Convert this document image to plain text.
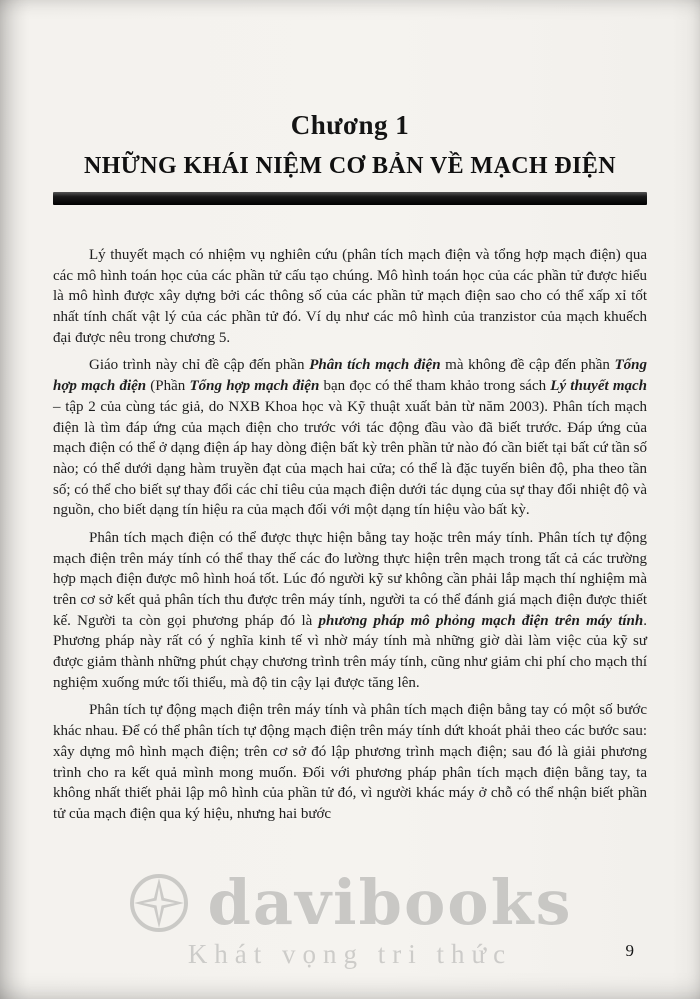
Chương 1
NHỮNG KHÁI NIỆM CƠ BẢN VỀ MẠCH ĐIỆN

Lý thuyết mạch có nhiệm vụ nghiên cứu (phân tích mạch điện và tổng hợp mạch điện) qua các mô hình toán học của các phần tử cấu tạo chúng. Mô hình toán học của các phần tử được hiểu là mô hình được xây dựng bởi các thông số của các phần tử mạch điện sao cho có thể xấp xỉ tốt nhất tính chất vật lý của các phần tử đó. Ví dụ như các mô hình của tranzistor của mạch khuếch đại được nêu trong chương 5.

Giáo trình này chỉ đề cập đến phần Phân tích mạch điện mà không đề cập đến phần Tổng hợp mạch điện (Phần Tổng hợp mạch điện bạn đọc có thể tham khảo trong sách Lý thuyết mạch – tập 2 của cùng tác giả, do NXB Khoa học và Kỹ thuật xuất bản từ năm 2003). Phân tích mạch điện là tìm đáp ứng của mạch điện cho trước với tác động đầu vào đã biết trước. Đáp ứng của mạch điện có thể ở dạng điện áp hay dòng điện bất kỳ trên phần tử nào đó cần biết tại bất cứ tần số nào; có thể dưới dạng hàm truyền đạt của mạch hai cửa; có thể là đặc tuyến biên độ, pha theo tần số; có thể cho biết sự thay đổi các chỉ tiêu của mạch điện dưới tác dụng của sự thay đổi nhiệt độ và nguồn, cho biết dạng tín hiệu ra của mạch đối với một dạng tín hiệu vào bất kỳ.

Phân tích mạch điện có thể được thực hiện bằng tay hoặc trên máy tính. Phân tích tự động mạch điện trên máy tính có thể thay thế các đo lường thực hiện trên mạch trong tất cả các trường hợp mạch điện được mô hình hoá tốt. Lúc đó người kỹ sư không cần phải lắp mạch thí nghiệm mà trên cơ sở kết quả phân tích thu được trên máy tính, người ta có thể đánh giá mạch điện được thiết kế. Người ta còn gọi phương pháp đó là phương pháp mô phỏng mạch điện trên máy tính. Phương pháp này rất có ý nghĩa kinh tế vì nhờ máy tính mà những giờ dài làm việc của kỹ sư được giảm thành những phút chạy chương trình trên máy tính, cũng như giảm chi phí cho mạch thí nghiệm xuống mức tối thiểu, mà độ tin cậy lại được tăng lên.

Phân tích tự động mạch điện trên máy tính và phân tích mạch điện bằng tay có một số bước khác nhau. Để có thể phân tích tự động mạch điện trên máy tính dứt khoát phải theo các bước sau: xây dựng mô hình mạch điện; trên cơ sở đó lập phương trình mạch điện; sau đó là giải phương trình cho ra kết quả mình mong muốn. Đối với phương pháp phân tích mạch điện bằng tay, ta không nhất thiết phải lập mô hình của phần tử đó, vì người khác máy ở chỗ có thể nhận biết phần tử của mạch điện qua ký hiệu, nhưng hai bước

davibooks
Khát vọng tri thức	9
